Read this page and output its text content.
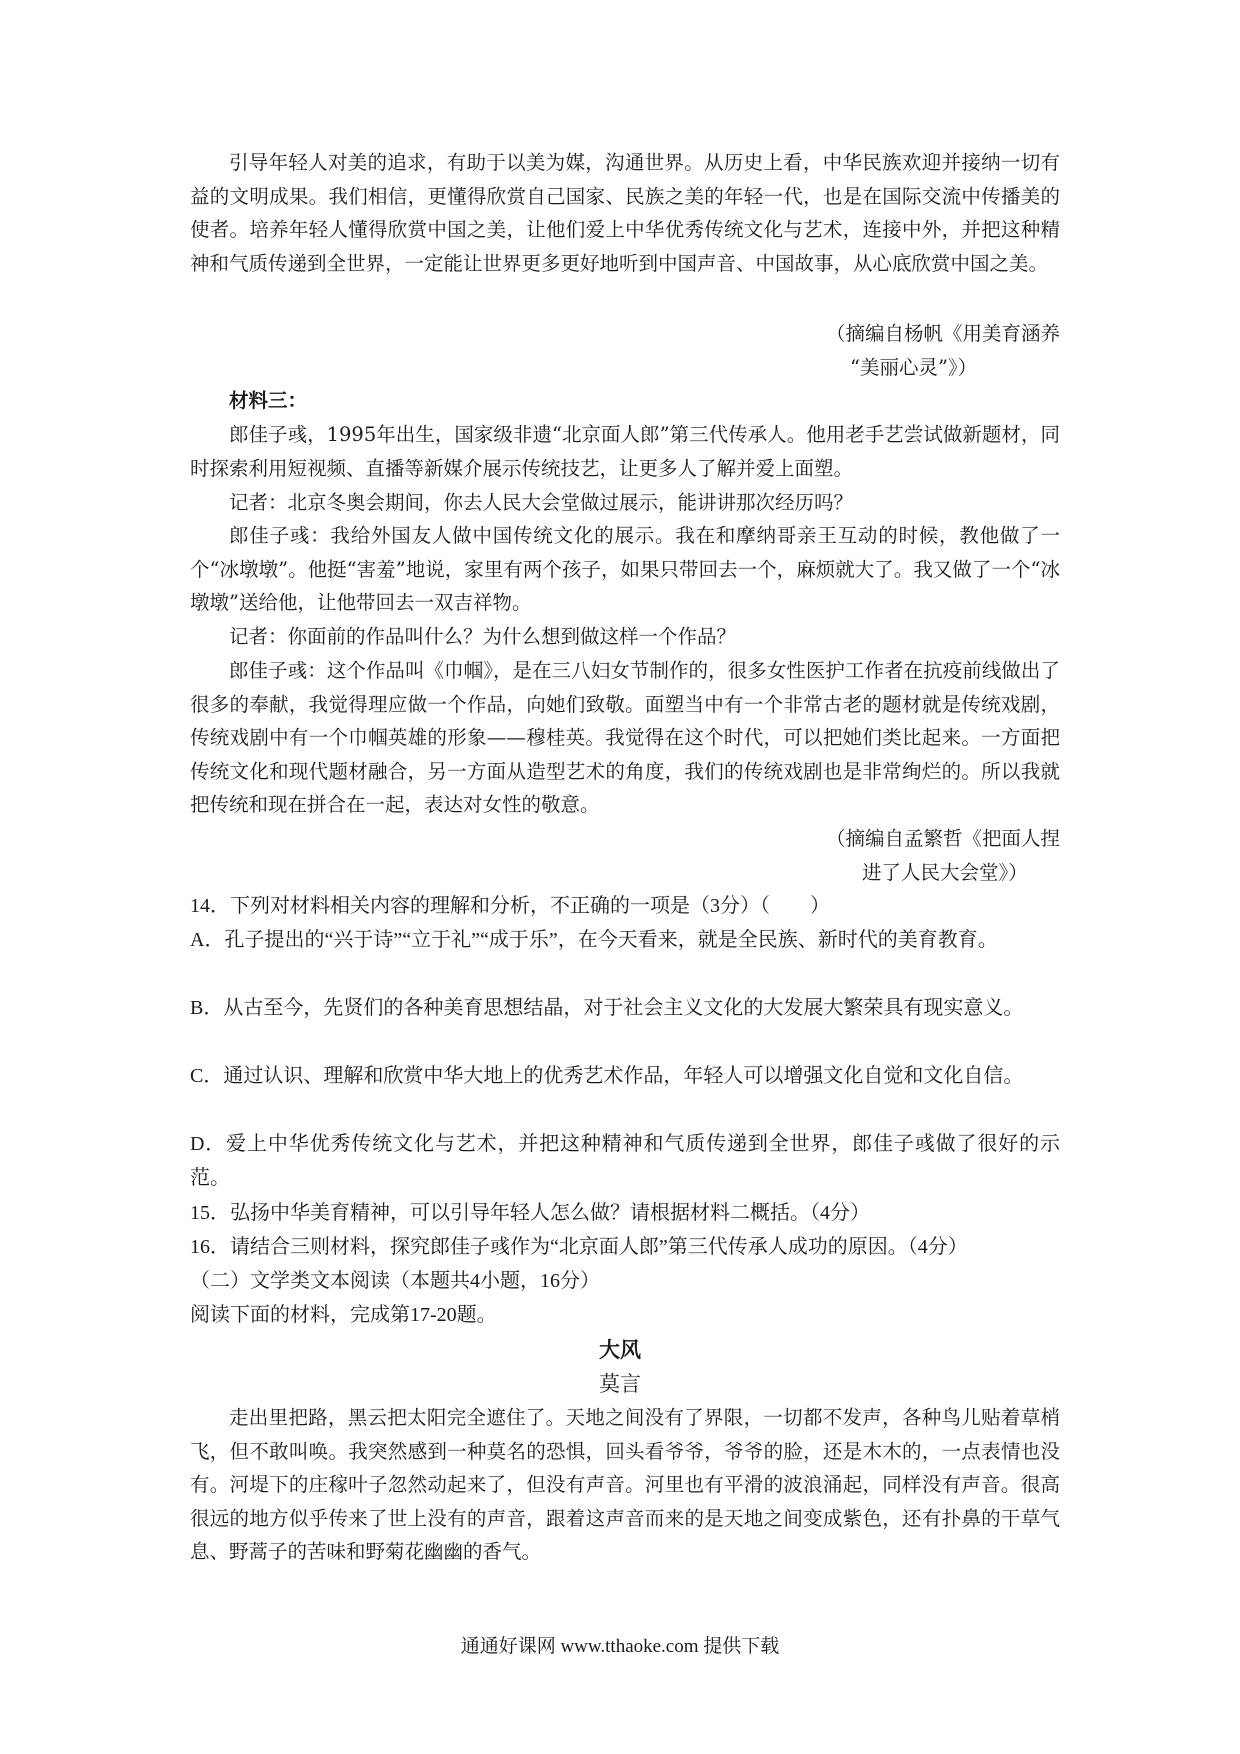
引导年轻人对美的追求，有助于以美为媒，沟通世界。从历史上看，中华民族欢迎并接纳一切有益的文明成果。我们相信，更懂得欣赏自己国家、民族之美的年轻一代，也是在国际交流中传播美的使者。培养年轻人懂得欣赏中国之美，让他们爱上中华优秀传统文化与艺术，连接中外，并把这种精神和气质传递到全世界，一定能让世界更多更好地听到中国声音、中国故事，从心底欣赏中国之美。

（摘编自杨帆《用美育涵养
“美丽心灵”》）

材料三：

郎佳子彧，1995年出生，国家级非遗“北京面人郎”第三代传承人。他用老手艺尝试做新题材，同时探索利用短视频、直播等新媒介展示传统技艺，让更多人了解并爱上面塑。

记者：北京冬奥会期间，你去人民大会堂做过展示，能讲讲那次经历吗？

郎佳子彧：我给外国友人做中国传统文化的展示。我在和摩纳哥亲王互动的时候，教他做了一个“冰墩墩”。他挺“害羞”地说，家里有两个孩子，如果只带回去一个，麻烦就大了。我又做了一个“冰墩墩”送给他，让他带回去一双吉祥物。

记者：你面前的作品叫什么？为什么想到做这样一个作品？

郎佳子彧：这个作品叫《巾帼》，是在三八妇女节制作的，很多女性医护工作者在抗疫前线做出了很多的奉献，我觉得理应做一个作品，向她们致敬。面塑当中有一个非常古老的题材就是传统戏剧，传统戏剧中有一个巾帼英雄的形象——穆桂英。我觉得在这个时代，可以把她们类比起来。一方面把传统文化和现代题材融合，另一方面从造型艺术的角度，我们的传统戏剧也是非常绚烂的。所以我就把传统和现在拼合在一起，表达对女性的敬意。

（摘编自孟繁哲《把面人捏
进了人民大会堂》）

14．下列对材料相关内容的理解和分析，不正确的一项是（3分）（　　）

A．孔子提出的“兴于诗”“立于礼”“成于乐”，在今天看来，就是全民族、新时代的美育教育。

B．从古至今，先贤们的各种美育思想结晶，对于社会主义文化的大发展大繁荣具有现实意义。

C．通过认识、理解和欣赏中华大地上的优秀艺术作品，年轻人可以增强文化自觉和文化自信。

D．爱上中华优秀传统文化与艺术，并把这种精神和气质传递到全世界，郎佳子彧做了很好的示范。

15．弘扬中华美育精神，可以引导年轻人怎么做？请根据材料二概括。（4分）

16．请结合三则材料，探究郎佳子彧作为“北京面人郎”第三代传承人成功的原因。（4分）

（二）文学类文本阅读（本题共4小题，16分）

阅读下面的材料，完成第17-20题。

大风

莫言

走出里把路，黑云把太阳完全遮住了。天地之间没有了界限，一切都不发声，各种鸟儿贴着草梢飞，但不敢叫唤。我突然感到一种莫名的恐惧，回头看爷爷，爷爷的脸，还是木木的，一点表情也没有。河堤下的庄稼叶子忽然动起来了，但没有声音。河里也有平滑的波浪涌起，同样没有声音。很高很远的地方似乎传来了世上没有的声音，跟着这声音而来的是天地之间变成紫色，还有扑鼻的干草气息、野蒿子的苦味和野菊花幽幽的香气。

通通好课网 www.tthaoke.com 提供下载
